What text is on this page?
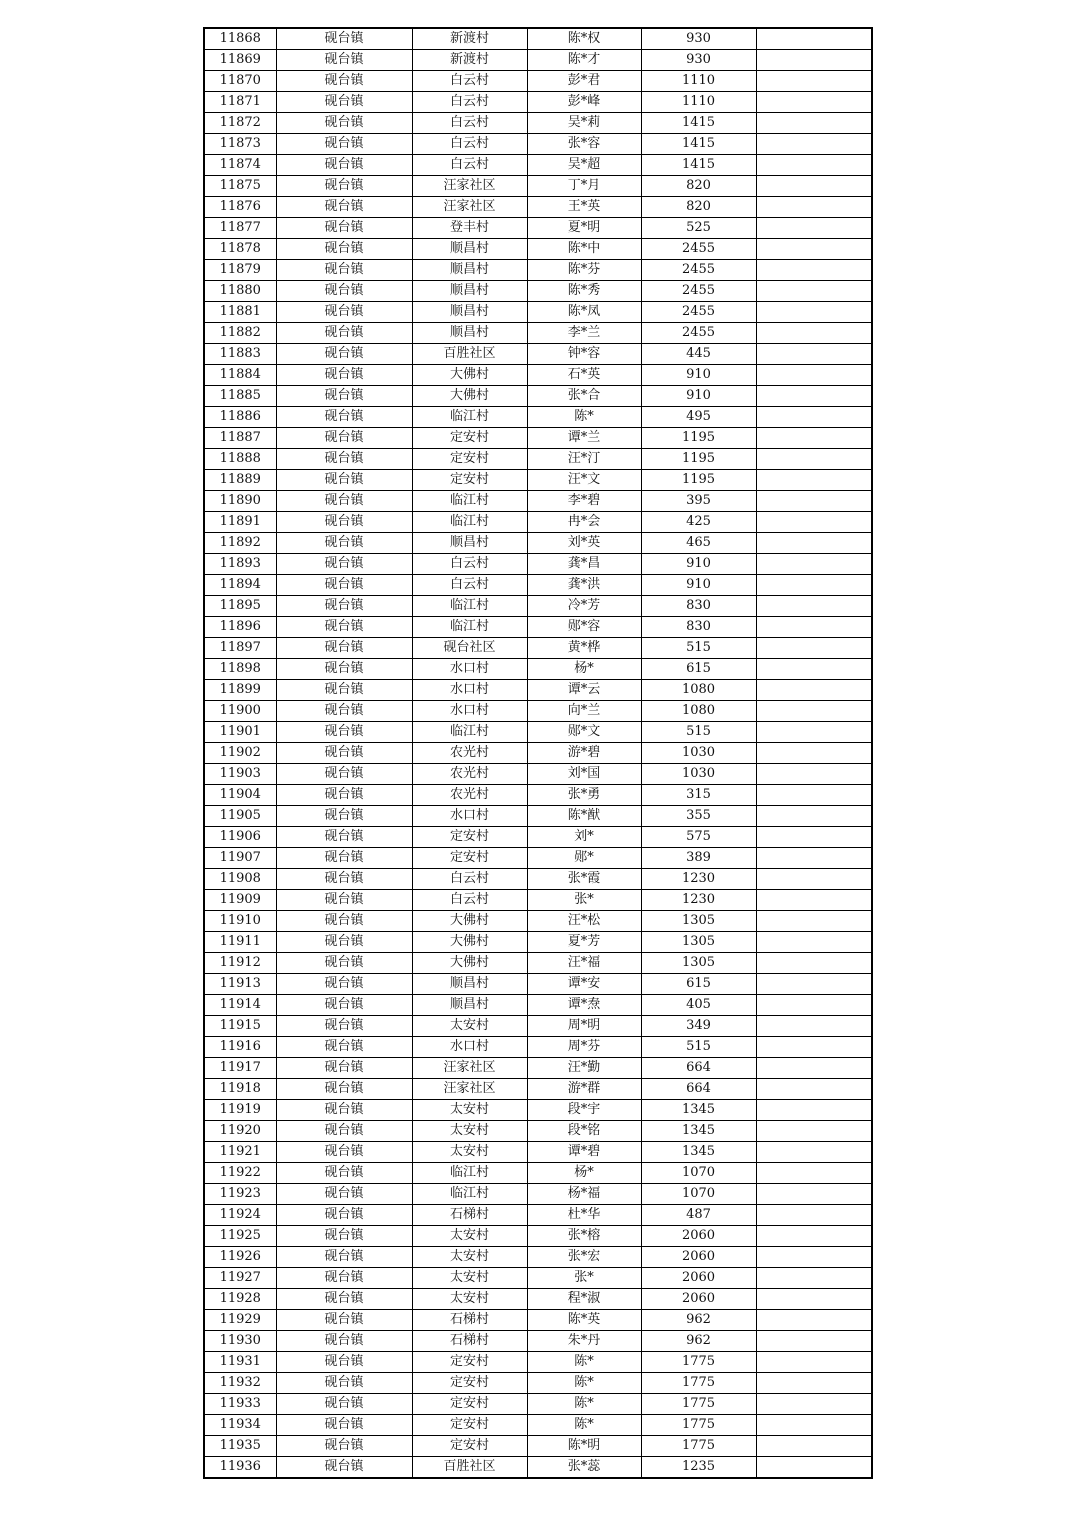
11868	砚台镇	新渡村	陈*权	930	
11869	砚台镇	新渡村	陈*才	930	
11870	砚台镇	白云村	彭*君	1110	
11871	砚台镇	白云村	彭*峰	1110	
11872	砚台镇	白云村	吴*莉	1415	
11873	砚台镇	白云村	张*容	1415	
11874	砚台镇	白云村	吴*超	1415	
11875	砚台镇	汪家社区	丁*月	820	
11876	砚台镇	汪家社区	王*英	820	
11877	砚台镇	登丰村	夏*明	525	
11878	砚台镇	顺昌村	陈*中	2455	
11879	砚台镇	顺昌村	陈*芬	2455	
11880	砚台镇	顺昌村	陈*秀	2455	
11881	砚台镇	顺昌村	陈*凤	2455	
11882	砚台镇	顺昌村	李*兰	2455	
11883	砚台镇	百胜社区	钟*容	445	
11884	砚台镇	大佛村	石*英	910	
11885	砚台镇	大佛村	张*合	910	
11886	砚台镇	临江村	陈*	495	
11887	砚台镇	定安村	谭*兰	1195	
11888	砚台镇	定安村	汪*汀	1195	
11889	砚台镇	定安村	汪*文	1195	
11890	砚台镇	临江村	李*碧	395	
11891	砚台镇	临江村	冉*会	425	
11892	砚台镇	顺昌村	刘*英	465	
11893	砚台镇	白云村	龚*昌	910	
11894	砚台镇	白云村	龚*洪	910	
11895	砚台镇	临江村	冷*芳	830	
11896	砚台镇	临江村	郧*容	830	
11897	砚台镇	砚台社区	黄*桦	515	
11898	砚台镇	水口村	杨*	615	
11899	砚台镇	水口村	谭*云	1080	
11900	砚台镇	水口村	向*兰	1080	
11901	砚台镇	临江村	郧*文	515	
11902	砚台镇	农光村	游*碧	1030	
11903	砚台镇	农光村	刘*国	1030	
11904	砚台镇	农光村	张*勇	315	
11905	砚台镇	水口村	陈*猷	355	
11906	砚台镇	定安村	刘*	575	
11907	砚台镇	定安村	郧*	389	
11908	砚台镇	白云村	张*霞	1230	
11909	砚台镇	白云村	张*	1230	
11910	砚台镇	大佛村	汪*松	1305	
11911	砚台镇	大佛村	夏*芳	1305	
11912	砚台镇	大佛村	汪*福	1305	
11913	砚台镇	顺昌村	谭*安	615	
11914	砚台镇	顺昌村	谭*焘	405	
11915	砚台镇	太安村	周*明	349	
11916	砚台镇	水口村	周*芬	515	
11917	砚台镇	汪家社区	汪*勤	664	
11918	砚台镇	汪家社区	游*群	664	
11919	砚台镇	太安村	段*宇	1345	
11920	砚台镇	太安村	段*铭	1345	
11921	砚台镇	太安村	谭*碧	1345	
11922	砚台镇	临江村	杨*	1070	
11923	砚台镇	临江村	杨*福	1070	
11924	砚台镇	石梯村	杜*华	487	
11925	砚台镇	太安村	张*榕	2060	
11926	砚台镇	太安村	张*宏	2060	
11927	砚台镇	太安村	张*	2060	
11928	砚台镇	太安村	程*淑	2060	
11929	砚台镇	石梯村	陈*英	962	
11930	砚台镇	石梯村	朱*丹	962	
11931	砚台镇	定安村	陈*	1775	
11932	砚台镇	定安村	陈*	1775	
11933	砚台镇	定安村	陈*	1775	
11934	砚台镇	定安村	陈*	1775	
11935	砚台镇	定安村	陈*明	1775	
11936	砚台镇	百胜社区	张*蕊	1235	
